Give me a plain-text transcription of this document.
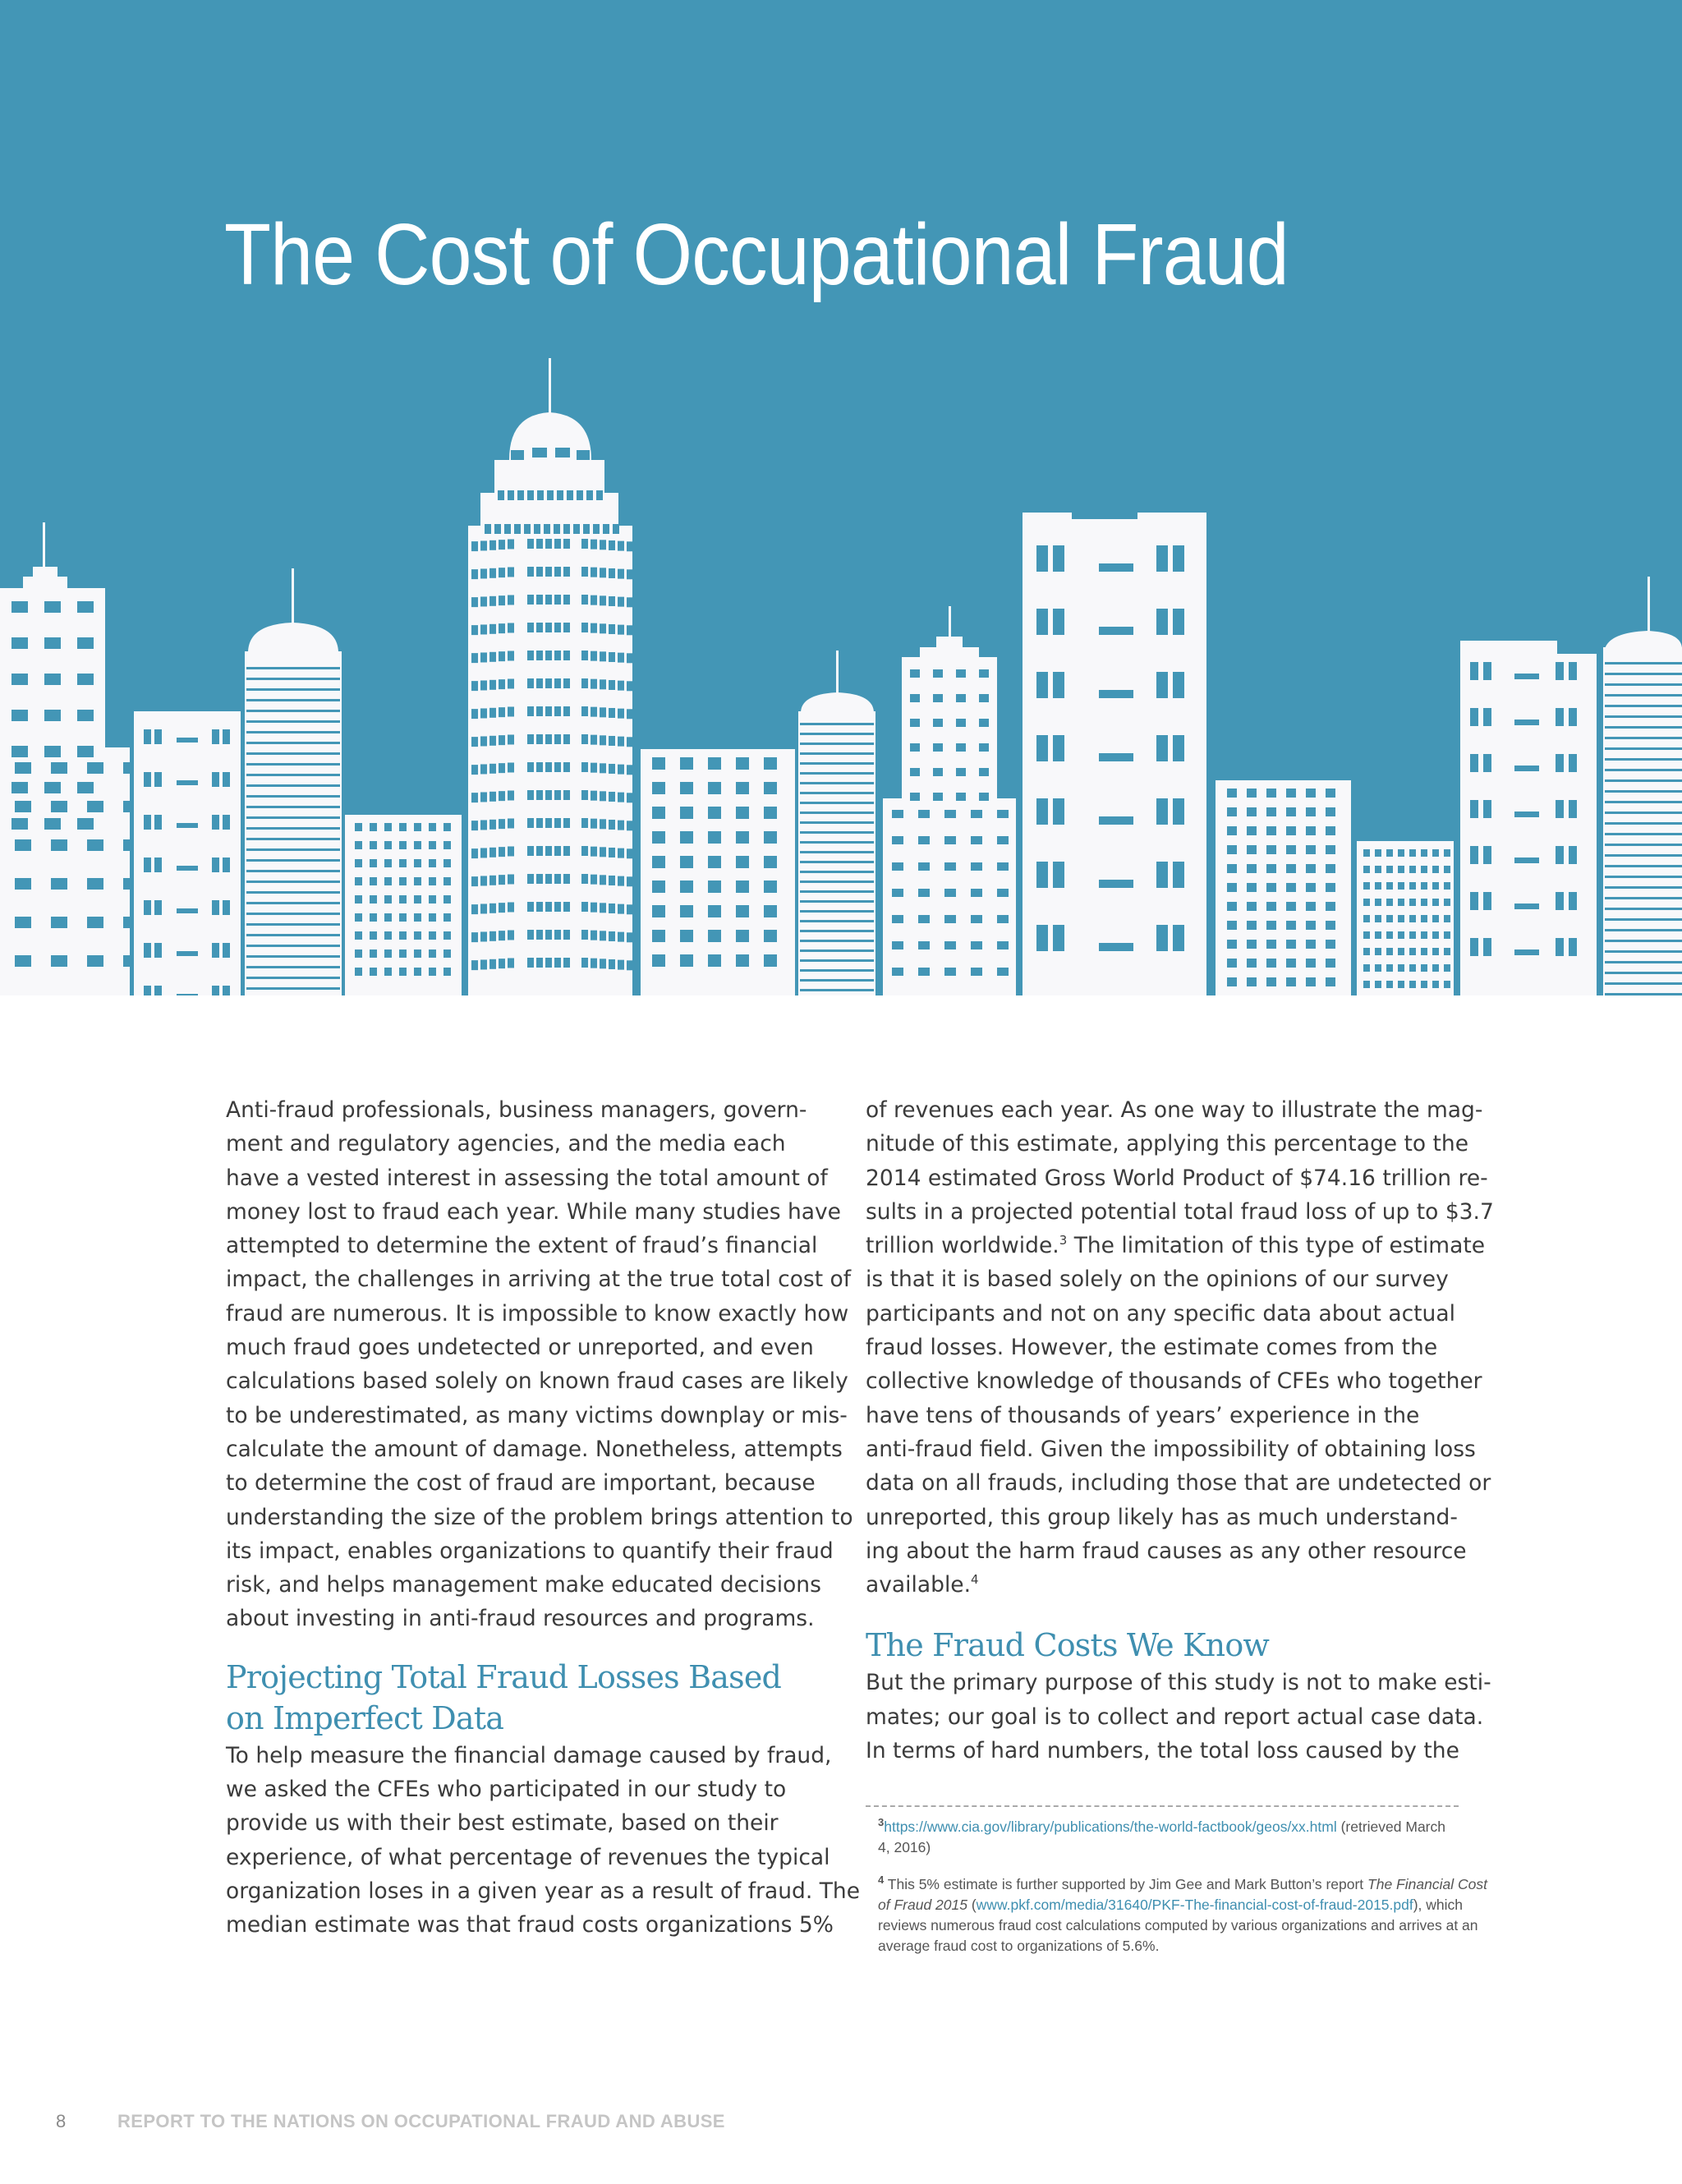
The Cost of Occupational Fraud

Anti-fraud professionals, business managers, govern-
ment and regulatory agencies, and the media each
have a vested interest in assessing the total amount of
money lost to fraud each year. While many studies have
attempted to determine the extent of fraud’s financial
impact, the challenges in arriving at the true total cost of
fraud are numerous. It is impossible to know exactly how
much fraud goes undetected or unreported, and even
calculations based solely on known fraud cases are likely
to be underestimated, as many victims downplay or mis-
calculate the amount of damage. Nonetheless, attempts
to determine the cost of fraud are important, because
understanding the size of the problem brings attention to
its impact, enables organizations to quantify their fraud
risk, and helps management make educated decisions
about investing in anti-fraud resources and programs.

Projecting Total Fraud Losses Based
on Imperfect Data

To help measure the financial damage caused by fraud,
we asked the CFEs who participated in our study to
provide us with their best estimate, based on their
experience, of what percentage of revenues the typical
organization loses in a given year as a result of fraud. The
median estimate was that fraud costs organizations 5%

of revenues each year. As one way to illustrate the mag-
nitude of this estimate, applying this percentage to the
2014 estimated Gross World Product of $74.16 trillion re-
sults in a projected potential total fraud loss of up to $3.7
trillion worldwide.$^3$ The limitation of this type of estimate
is that it is based solely on the opinions of our survey
participants and not on any specific data about actual
fraud losses. However, the estimate comes from the
collective knowledge of thousands of CFEs who together
have tens of thousands of years’ experience in the
anti-fraud field. Given the impossibility of obtaining loss
data on all frauds, including those that are undetected or
unreported, this group likely has as much understand-
ing about the harm fraud causes as any other resource
available.$^4$

The Fraud Costs We Know

But the primary purpose of this study is not to make esti-
mates; our goal is to collect and report actual case data.
In terms of hard numbers, the total loss caused by the

$^3$https://www.cia.gov/library/publications/the-world-factbook/geos/xx.html (retrieved March
4, 2016)
$^4$ This 5% estimate is further supported by Jim Gee and Mark Button’s report The Financial Cost
of Fraud 2015 (www.pkf.com/media/31640/PKF-The-financial-cost-of-fraud-2015.pdf), which
reviews numerous fraud cost calculations computed by various organizations and arrives at an
average fraud cost to organizations of 5.6%.
8	REPORT TO THE NATIONS ON OCCUPATIONAL FRAUD AND ABUSE
